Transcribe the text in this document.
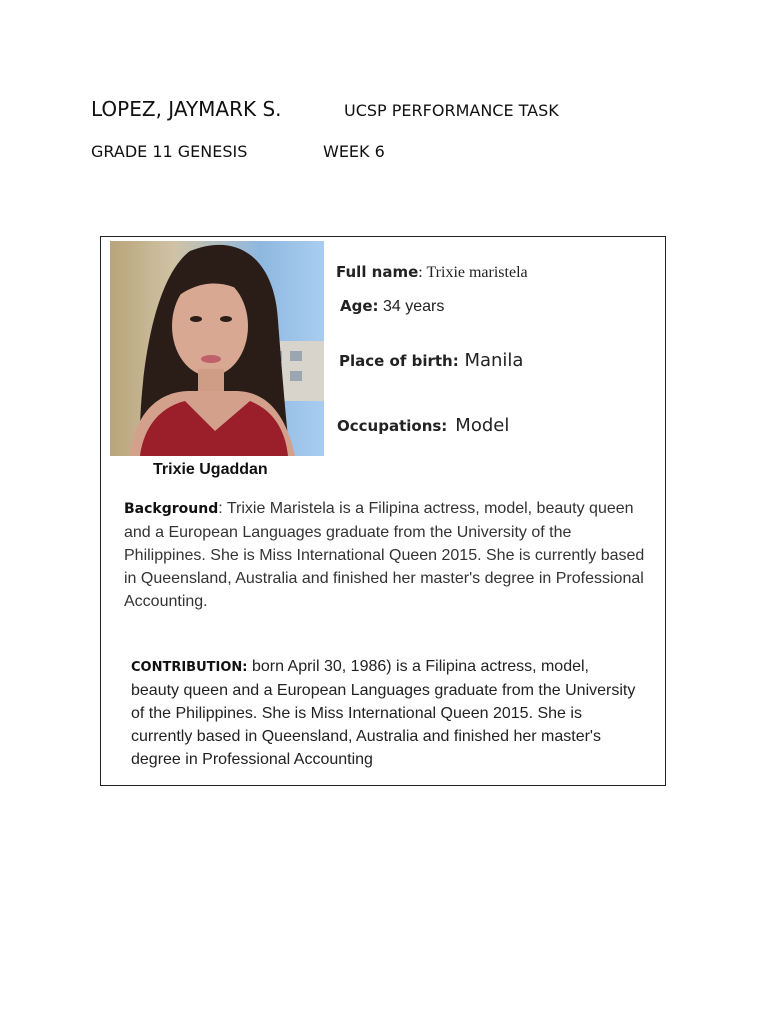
LOPEZ, JAYMARK S.	UCSP PERFORMANCE TASK
GRADE 11 GENESIS	WEEK 6
Trixie Ugaddan
Full name: Trixie maristela
Age: 34 years
Place of birth: Manila
Occupations: Model
Background: Trixie Maristela is a Filipina actress, model, beauty queen and a European Languages graduate from the University of the Philippines. She is Miss International Queen 2015. She is currently based in Queensland, Australia and finished her master's degree in Professional Accounting.
CONTRIBUTION: born April 30, 1986) is a Filipina actress, model, beauty queen and a European Languages graduate from the University of the Philippines. She is Miss International Queen 2015. She is currently based in Queensland, Australia and finished her master's degree in Professional Accounting
